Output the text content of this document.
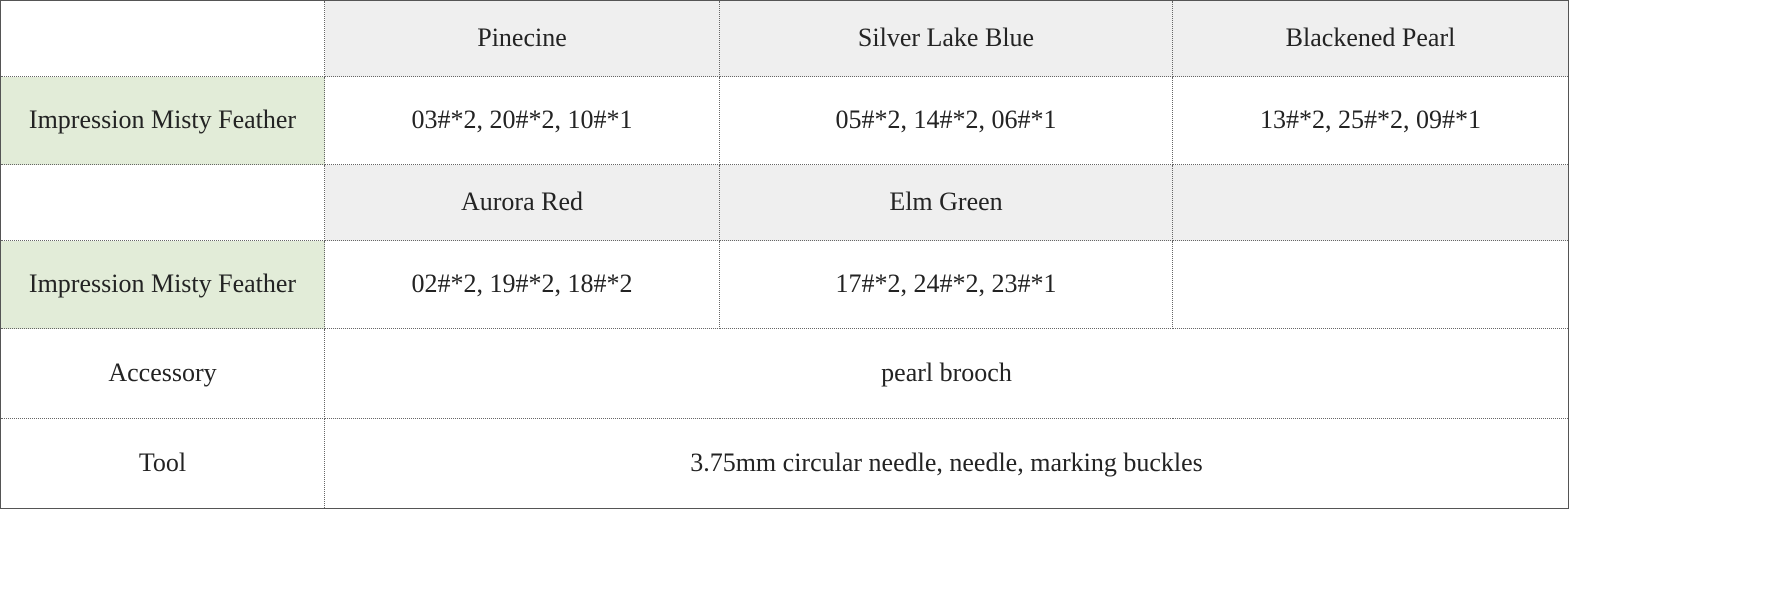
	Pinecine	Silver Lake Blue	Blackened Pearl
Impression Misty Feather	03#*2, 20#*2, 10#*1	05#*2, 14#*2, 06#*1	13#*2, 25#*2, 09#*1
	Aurora Red	Elm Green	
Impression Misty Feather	02#*2, 19#*2, 18#*2	17#*2, 24#*2, 23#*1	
Accessory	pearl brooch		
Tool	3.75mm circular needle, needle, marking buckles		
